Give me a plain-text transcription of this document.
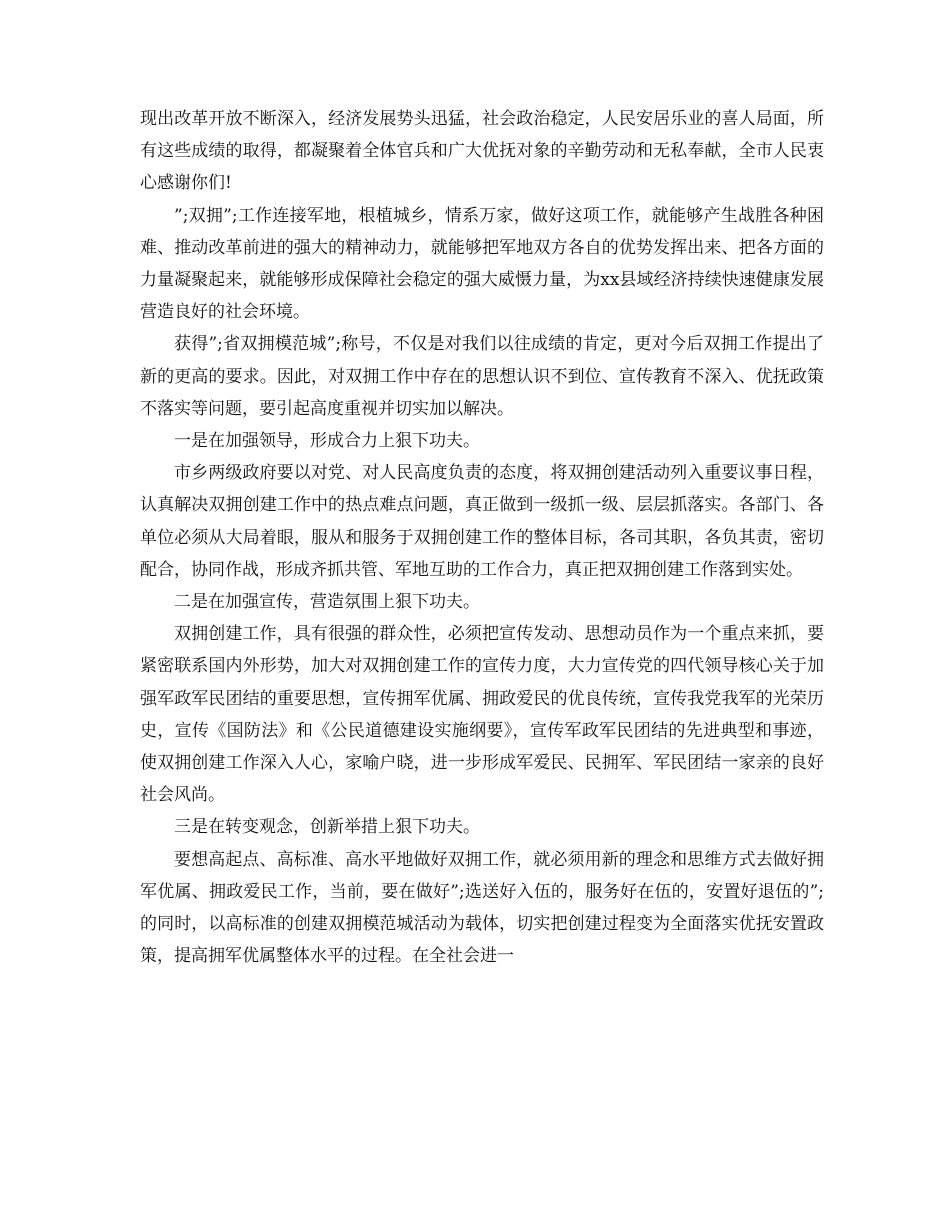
现出改革开放不断深入，经济发展势头迅猛，社会政治稳定，人民安居乐业的喜人局面，所有这些成绩的取得，都凝聚着全体官兵和广大优抚对象的辛勤劳动和无私奉献，全市人民衷心感谢你们!

”;双拥”;工作连接军地，根植城乡，情系万家，做好这项工作，就能够产生战胜各种困难、推动改革前进的强大的精神动力，就能够把军地双方各自的优势发挥出来、把各方面的力量凝聚起来，就能够形成保障社会稳定的强大威慑力量，为xx县域经济持续快速健康发展营造良好的社会环境。

获得”;省双拥模范城”;称号，不仅是对我们以往成绩的肯定，更对今后双拥工作提出了新的更高的要求。因此，对双拥工作中存在的思想认识不到位、宣传教育不深入、优抚政策不落实等问题，要引起高度重视并切实加以解决。

一是在加强领导，形成合力上狠下功夫。

市乡两级政府要以对党、对人民高度负责的态度，将双拥创建活动列入重要议事日程，认真解决双拥创建工作中的热点难点问题，真正做到一级抓一级、层层抓落实。各部门、各单位必须从大局着眼，服从和服务于双拥创建工作的整体目标，各司其职，各负其责，密切配合，协同作战，形成齐抓共管、军地互助的工作合力，真正把双拥创建工作落到实处。

二是在加强宣传，营造氛围上狠下功夫。

双拥创建工作，具有很强的群众性，必须把宣传发动、思想动员作为一个重点来抓，要紧密联系国内外形势，加大对双拥创建工作的宣传力度，大力宣传党的四代领导核心关于加强军政军民团结的重要思想，宣传拥军优属、拥政爱民的优良传统，宣传我党我军的光荣历史，宣传《国防法》和《公民道德建设实施纲要》，宣传军政军民团结的先进典型和事迹，使双拥创建工作深入人心，家喻户晓，进一步形成军爱民、民拥军、军民团结一家亲的良好社会风尚。

三是在转变观念，创新举措上狠下功夫。

要想高起点、高标准、高水平地做好双拥工作，就必须用新的理念和思维方式去做好拥军优属、拥政爱民工作，当前，要在做好”;选送好入伍的，服务好在伍的，安置好退伍的”;的同时，以高标准的创建双拥模范城活动为载体，切实把创建过程变为全面落实优抚安置政策，提高拥军优属整体水平的过程。在全社会进一
